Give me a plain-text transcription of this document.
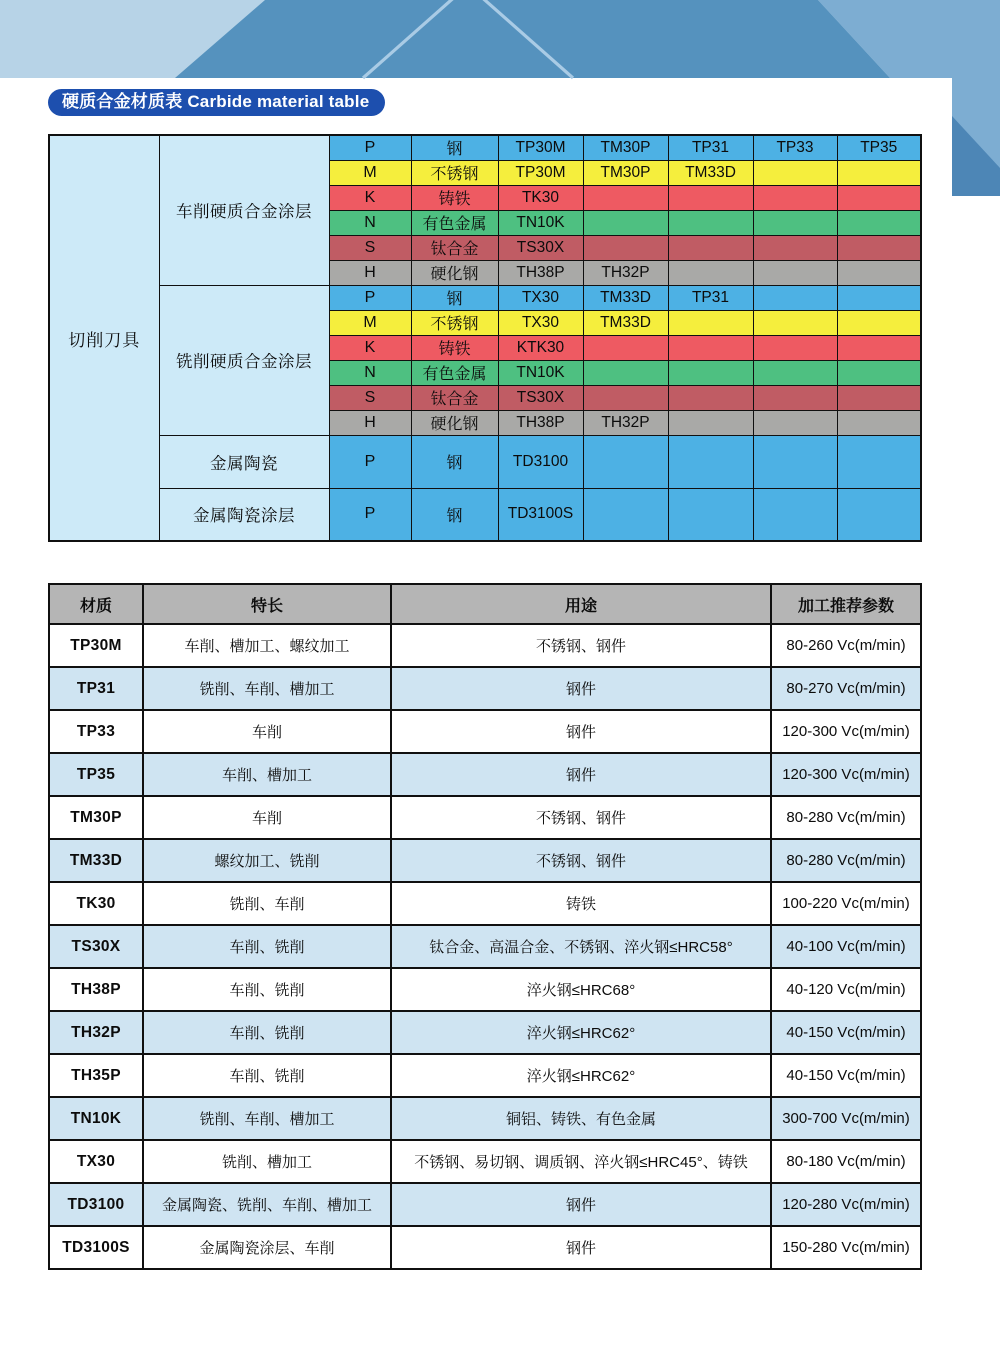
硬质合金材质表 Carbide material table
切削刀具	车削硬质合金涂层	P	钢	TP30M	TM30P	TP31	TP33	TP35
		M	不锈钢	TP30M	TM30P	TM33D		
		K	铸铁	TK30				
		N	有色金属	TN10K				
		S	钛合金	TS30X				
		H	硬化钢	TH38P	TH32P			
	铣削硬质合金涂层	P	钢	TX30	TM33D	TP31		
		M	不锈钢	TX30	TM33D			
		K	铸铁	KTK30				
		N	有色金属	TN10K				
		S	钛合金	TS30X				
		H	硬化钢	TH38P	TH32P			
	金属陶瓷	P	钢	TD3100				
	金属陶瓷涂层	P	钢	TD3100S				
材质	特长	用途	加工推荐参数
TP30M	车削、槽加工、螺纹加工	不锈钢、钢件	80-260 Vc(m/min)
TP31	铣削、车削、槽加工	钢件	80-270 Vc(m/min)
TP33	车削	钢件	120-300 Vc(m/min)
TP35	车削、槽加工	钢件	120-300 Vc(m/min)
TM30P	车削	不锈钢、钢件	80-280 Vc(m/min)
TM33D	螺纹加工、铣削	不锈钢、钢件	80-280 Vc(m/min)
TK30	铣削、车削	铸铁	100-220 Vc(m/min)
TS30X	车削、铣削	钛合金、高温合金、不锈钢、淬火钢≤HRC58°	40-100 Vc(m/min)
TH38P	车削、铣削	淬火钢≤HRC68°	40-120 Vc(m/min)
TH32P	车削、铣削	淬火钢≤HRC62°	40-150 Vc(m/min)
TH35P	车削、铣削	淬火钢≤HRC62°	40-150 Vc(m/min)
TN10K	铣削、车削、槽加工	铜铝、铸铁、有色金属	300-700 Vc(m/min)
TX30	铣削、槽加工	不锈钢、易切钢、调质钢、淬火钢≤HRC45°、铸铁	80-180 Vc(m/min)
TD3100	金属陶瓷、铣削、车削、槽加工	钢件	120-280 Vc(m/min)
TD3100S	金属陶瓷涂层、车削	钢件	150-280 Vc(m/min)
